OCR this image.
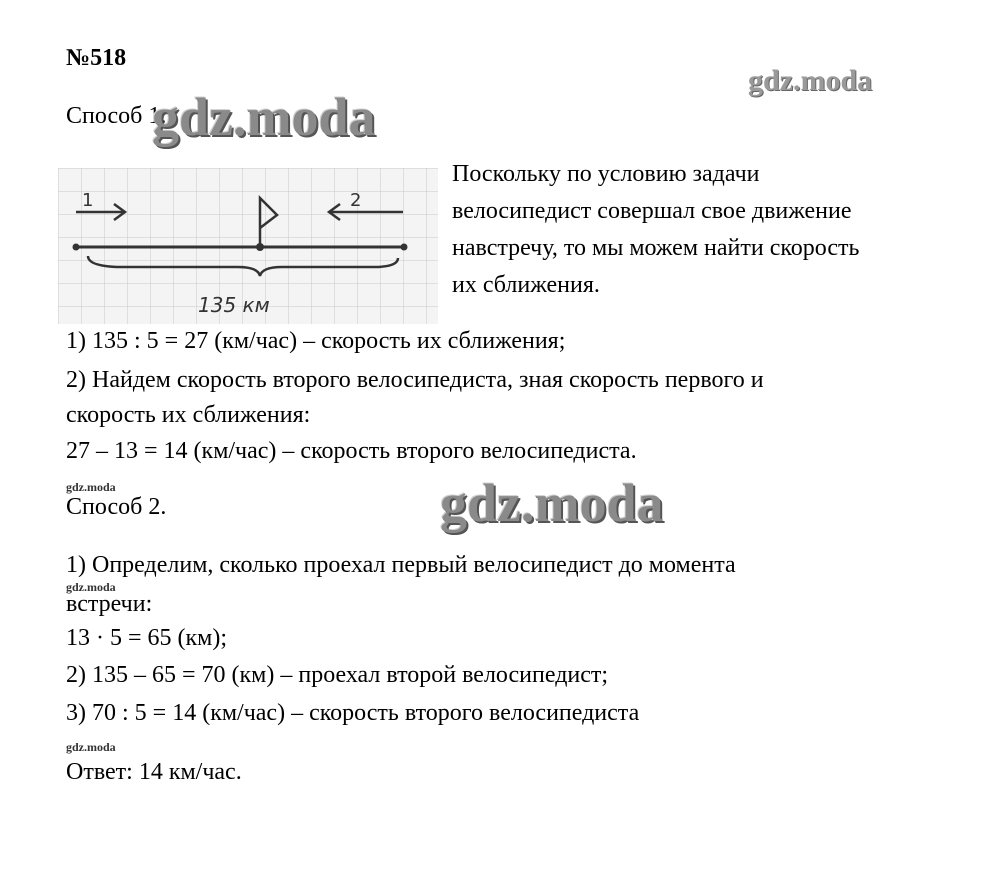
№518
gdz.moda
Способ 1.
gdz.moda
1	2
135 км
Поскольку по условию задачи
велосипедист совершал свое движение
навстречу, то мы можем найти скорость
их сближения.
1) 135 : 5 = 27 (км/час) – скорость их сближения;
2) Найдем скорость второго велосипедиста, зная скорость первого и
скорость их сближения:
27 – 13 = 14 (км/час) – скорость второго велосипедиста.
gdz.moda
Способ 2.	gdz.moda
1) Определим, сколько проехал первый велосипедист до момента
gdz.moda
встречи:
13 · 5 = 65 (км);
2) 135 – 65 = 70 (км) – проехал второй велосипедист;
3) 70 : 5 = 14 (км/час) – скорость второго велосипедиста
gdz.moda
Ответ: 14 км/час.
